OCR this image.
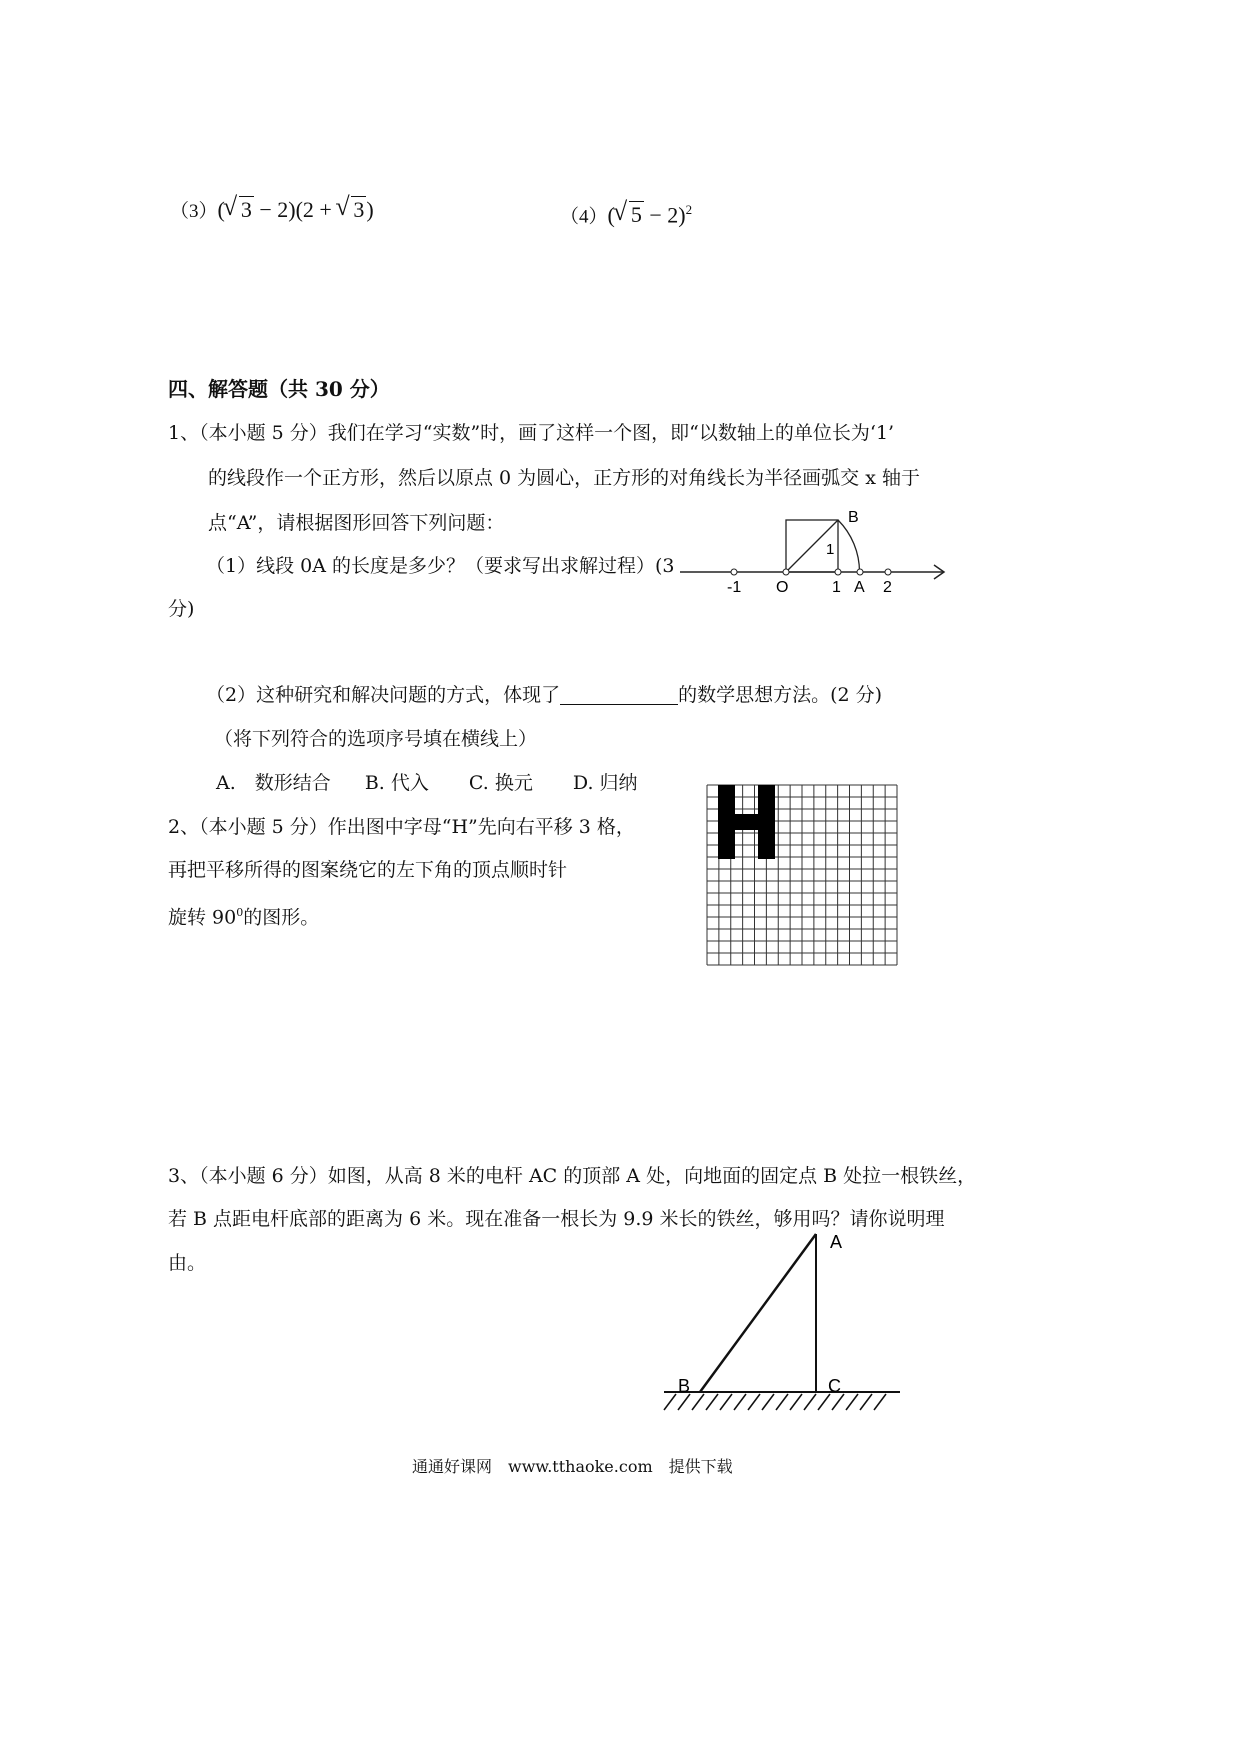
（3）( √ 3 − 2)(2 + √ 3)	（4）( √ 5 − 2)$^2$
四、解答题（共 30 分）
1、（本小题 5 分）我们在学习“实数”时，画了这样一个图，即“以数轴上的单位长为‘1’
的线段作一个正方形，然后以原点 0 为圆心，正方形的对角线长为半径画弧交 x 轴于
点“A”，请根据图形回答下列问题：
（1）线段 0A 的长度是多少？（要求写出求解过程）(3
分)
-1 O	1 A 2
B
1
（2）这种研究和解决问题的方式，体现了	的数学思想方法。(2 分)
（将下列符合的选项序号填在横线上）
A.　数形结合 B. 代入 C. 换元 D. 归纳
2、（本小题 5 分）作出图中字母“H”先向右平移 3 格，
再把平移所得的图案绕它的左下角的顶点顺时针
旋转 $90^0$的图形。
3、（本小题 6 分）如图，从高 8 米的电杆 AC 的顶部 A 处，向地面的固定点 B 处拉一根铁丝，
若 B 点距电杆底部的距离为 6 米。现在准备一根长为 9.9 米长的铁丝，够用吗？请你说明理
由。
A
B	C
通通好课网　www.tthaoke.com　提供下载
